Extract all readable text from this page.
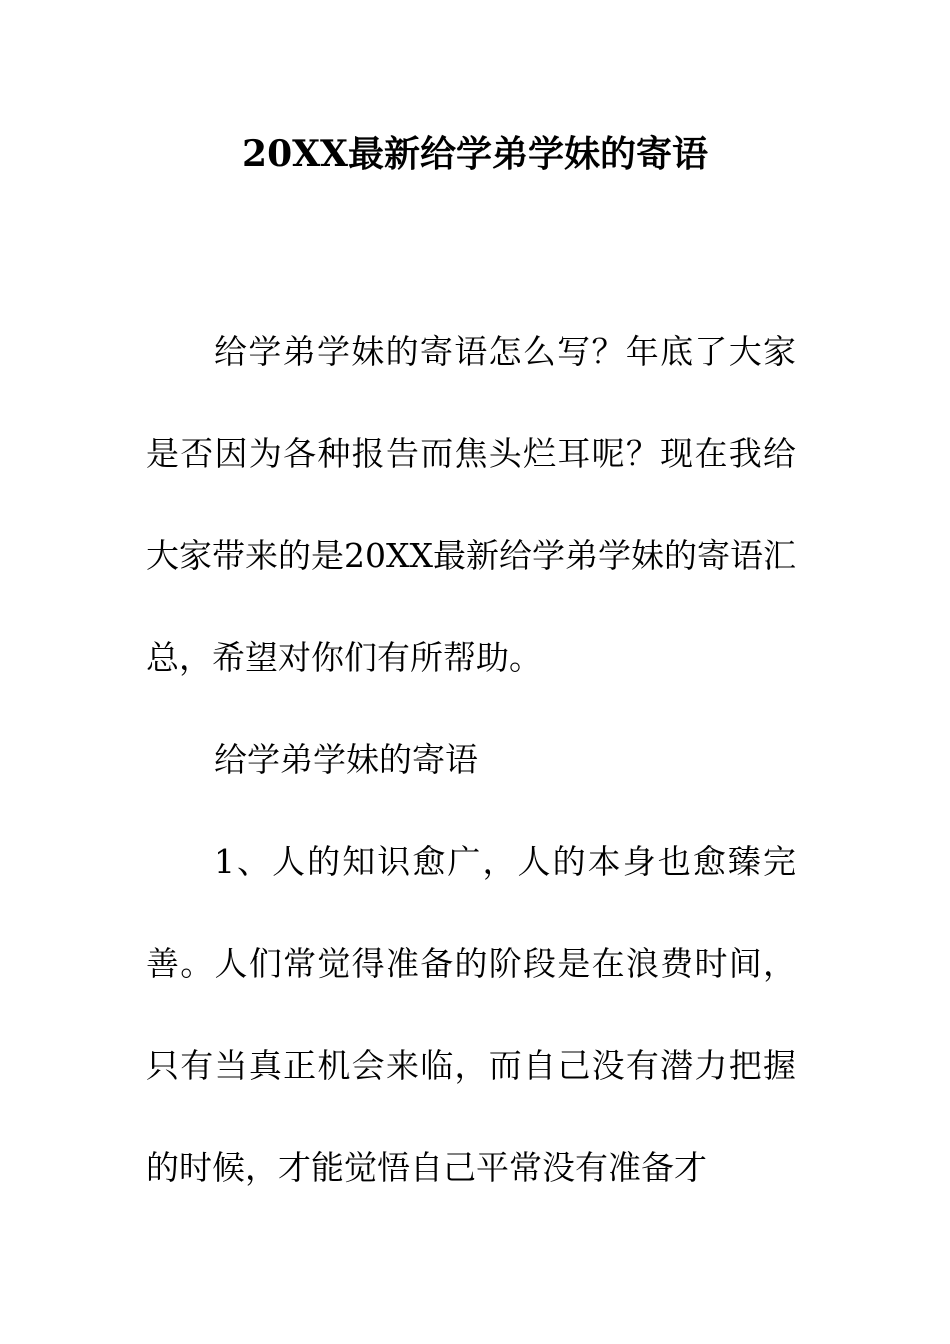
20XX最新给学弟学妹的寄语

给学弟学妹的寄语怎么写？年底了大家是否因为各种报告而焦头烂耳呢？现在我给大家带来的是20XX最新给学弟学妹的寄语汇总，希望对你们有所帮助。

给学弟学妹的寄语

1、人的知识愈广，人的本身也愈臻完善。人们常觉得准备的阶段是在浪费时间，只有当真正机会来临，而自己没有潜力把握的时候，才能觉悟自己平常没有准备才
